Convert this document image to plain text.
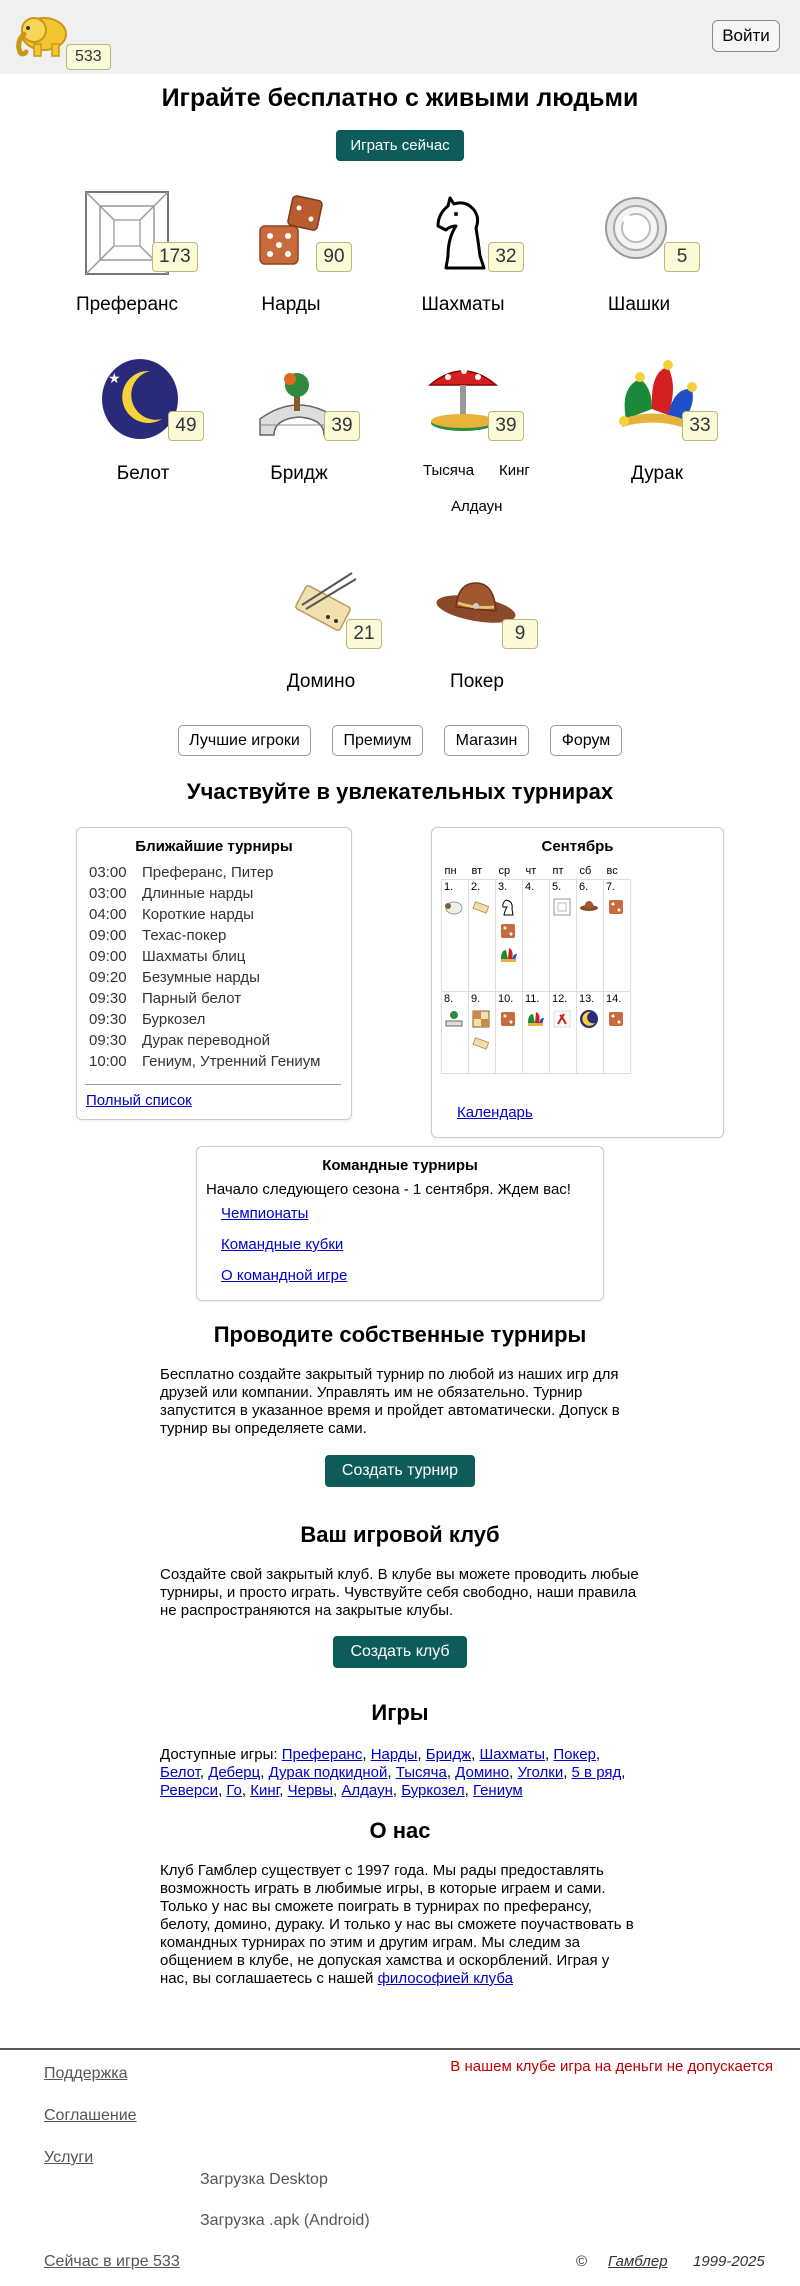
533
Войти
Играйте бесплатно с живыми людьми
Играть сейчас
173
Преферанс
90
Нарды
32
Шахматы
5
Шашки
★
49
Белот
39
Бридж
39
Тысяча Кинг
Алдаун
33
Дурак
21
Домино
9
Покер
Лучшие игроки	Премиум	Магазин	Форум
Участвуйте в увлекательных турнирах
Ближайшие турниры
03:00 Преферанс, Питер
03:00 Длинные нарды
04:00 Короткие нарды
09:00 Техас-покер
09:00 Шахматы блиц
09:20 Безумные нарды
09:30 Парный белот
09:30 Буркозел
09:30 Дурак переводной
10:00 Гениум, Утренний Гениум
Полный список
Сентябрь
пн	вт	ср	чт	пт	сб	вс
1.	2.	3.	4.	5.	6.	7.

8.	9.	10.	11.	12.	13.	14.
Календарь
Командные турниры
Начало следующего сезона - 1 сентября. Ждем вас!
Чемпионаты
Командные кубки
О командной игре
Проводите собственные турниры
Бесплатно создайте закрытый турнир по любой из наших игр для друзей или компании. Управлять им не обязательно. Турнир запустится в указанное время и пройдет автоматически. Допуск в турнир вы определяете сами.
Создать турнир
Ваш игровой клуб
Создайте свой закрытый клуб. В клубе вы можете проводить любые турниры, и просто играть. Чувствуйте себя свободно, наши правила не распространяются на закрытые клубы.
Создать клуб
Игры
Доступные игры: Преферанс, Нарды, Бридж, Шахматы, Покер, Белот, Деберц, Дурак подкидной, Тысяча, Домино, Уголки, 5 в ряд, Реверси, Го, Кинг, Червы, Алдаун, Буркозел, Гениум
О нас
Клуб Гамблер существует с 1997 года. Мы рады предоставлять возможность играть в любимые игры, в которые играем и сами. Только у нас вы сможете поиграть в турнирах по преферансу, белоту, домино, дураку. И только у нас вы сможете поучаствовать в командных турнирах по этим и другим играм. Мы следим за общением в клубе, не допуская хамства и оскорблений. Играя у нас, вы соглашаетесь с нашей философией клуба
Поддержка	В нашем клубе игра на деньги не допускается
Соглашение
Услуги
Загрузка Desktop
Загрузка .apk (Android)
Сейчас в игре 533	© Гамблер 1999-2025
